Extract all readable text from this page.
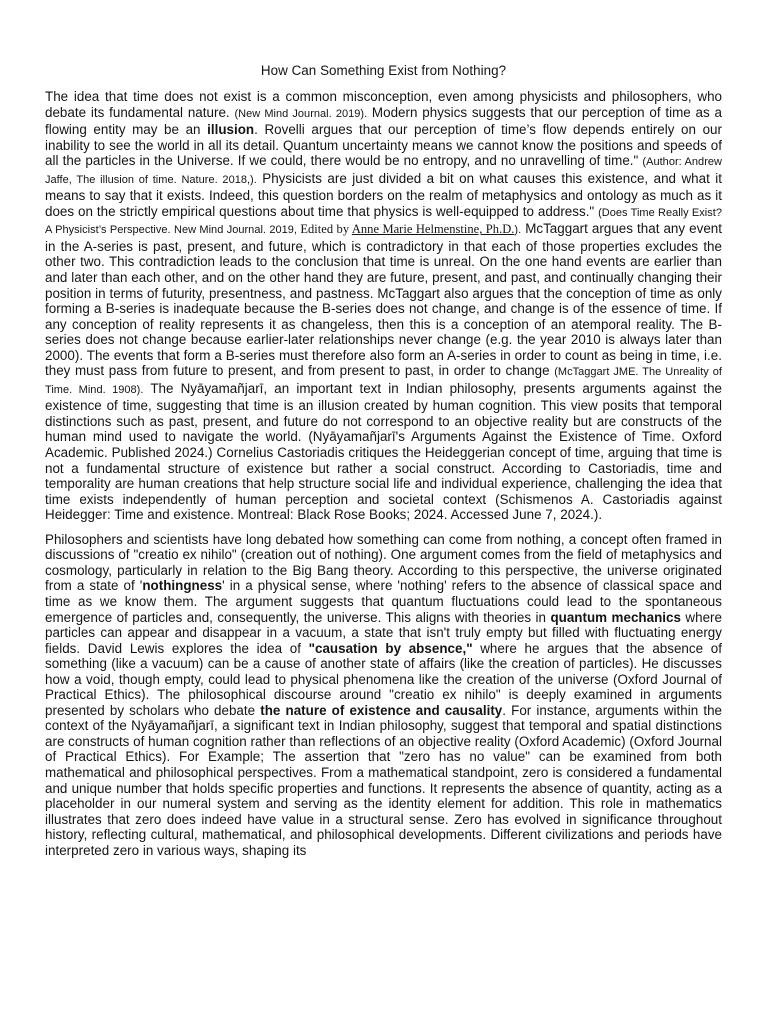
How Can Something Exist from Nothing?

The idea that time does not exist is a common misconception, even among physicists and philosophers, who debate its fundamental nature. (New Mind Journal. 2019). Modern physics suggests that our perception of time as a flowing entity may be an illusion. Rovelli argues that our perception of time’s flow depends entirely on our inability to see the world in all its detail. Quantum uncertainty means we cannot know the positions and speeds of all the particles in the Universe. If we could, there would be no entropy, and no unravelling of time." (Author: Andrew Jaffe, The illusion of time. Nature. 2018,). Physicists are just divided a bit on what causes this existence, and what it means to say that it exists. Indeed, this question borders on the realm of metaphysics and ontology as much as it does on the strictly empirical questions about time that physics is well-equipped to address." (Does Time Really Exist? A Physicist’s Perspective. New Mind Journal. 2019, Edited by Anne Marie Helmenstine, Ph.D.). McTaggart argues that any event in the A-series is past, present, and future, which is contradictory in that each of those properties excludes the other two. This contradiction leads to the conclusion that time is unreal. On the one hand events are earlier than and later than each other, and on the other hand they are future, present, and past, and continually changing their position in terms of futurity, presentness, and pastness. McTaggart also argues that the conception of time as only forming a B-series is inadequate because the B-series does not change, and change is of the essence of time. If any conception of reality represents it as changeless, then this is a conception of an atemporal reality. The B-series does not change because earlier-later relationships never change (e.g. the year 2010 is always later than 2000). The events that form a B-series must therefore also form an A-series in order to count as being in time, i.e. they must pass from future to present, and from present to past, in order to change (McTaggart JME. The Unreality of Time. Mind. 1908). The Nyāyamañjarī, an important text in Indian philosophy, presents arguments against the existence of time, suggesting that time is an illusion created by human cognition. This view posits that temporal distinctions such as past, present, and future do not correspond to an objective reality but are constructs of the human mind used to navigate the world. (Nyāyamañjarī's Arguments Against the Existence of Time. Oxford Academic. Published 2024.) Cornelius Castoriadis critiques the Heideggerian concept of time, arguing that time is not a fundamental structure of existence but rather a social construct. According to Castoriadis, time and temporality are human creations that help structure social life and individual experience, challenging the idea that time exists independently of human perception and societal context (Schismenos A. Castoriadis against Heidegger: Time and existence. Montreal: Black Rose Books; 2024. Accessed June 7, 2024.).

Philosophers and scientists have long debated how something can come from nothing, a concept often framed in discussions of "creatio ex nihilo" (creation out of nothing). One argument comes from the field of metaphysics and cosmology, particularly in relation to the Big Bang theory. According to this perspective, the universe originated from a state of 'nothingness' in a physical sense, where 'nothing' refers to the absence of classical space and time as we know them. The argument suggests that quantum fluctuations could lead to the spontaneous emergence of particles and, consequently, the universe. This aligns with theories in quantum mechanics where particles can appear and disappear in a vacuum, a state that isn't truly empty but filled with fluctuating energy fields. David Lewis explores the idea of "causation by absence," where he argues that the absence of something (like a vacuum) can be a cause of another state of affairs (like the creation of particles). He discusses how a void, though empty, could lead to physical phenomena like the creation of the universe (Oxford Journal of Practical Ethics). The philosophical discourse around "creatio ex nihilo" is deeply examined in arguments presented by scholars who debate the nature of existence and causality. For instance, arguments within the context of the Nyāyamañjarī, a significant text in Indian philosophy, suggest that temporal and spatial distinctions are constructs of human cognition rather than reflections of an objective reality (Oxford Academic) (Oxford Journal of Practical Ethics). For Example; The assertion that "zero has no value" can be examined from both mathematical and philosophical perspectives. From a mathematical standpoint, zero is considered a fundamental and unique number that holds specific properties and functions. It represents the absence of quantity, acting as a placeholder in our numeral system and serving as the identity element for addition. This role in mathematics illustrates that zero does indeed have value in a structural sense. Zero has evolved in significance throughout history, reflecting cultural, mathematical, and philosophical developments. Different civilizations and periods have interpreted zero in various ways, shaping its
